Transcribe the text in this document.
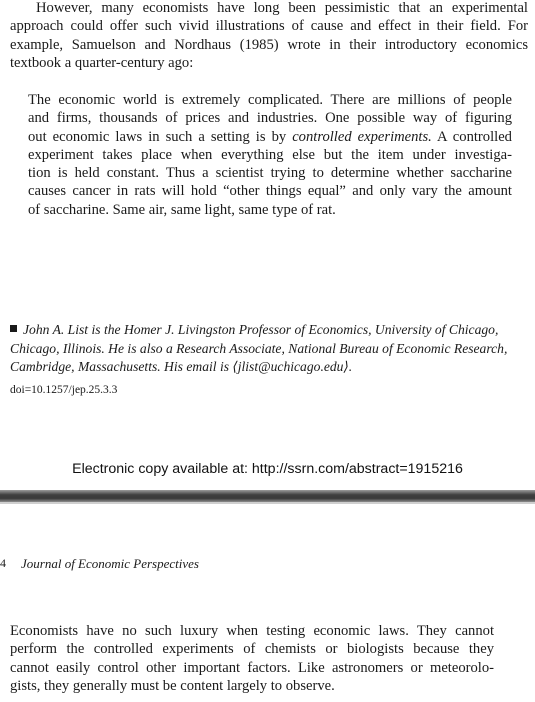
However, many economists have long been pessimistic that an experimental
approach could offer such vivid illustrations of cause and effect in their field. For
example, Samuelson and Nordhaus (1985) wrote in their introductory economics
textbook a quarter-century ago:
The economic world is extremely complicated. There are millions of people
and firms, thousands of prices and industries. One possible way of figuring
out economic laws in such a setting is by controlled experiments. A controlled
experiment takes place when everything else but the item under investiga-
tion is held constant. Thus a scientist trying to determine whether saccharine
causes cancer in rats will hold “other things equal” and only vary the amount
of saccharine. Same air, same light, same type of rat.
John A. List is the Homer J. Livingston Professor of Economics, University of Chicago, Chicago, Illinois. He is also a Research Associate, National Bureau of Economic Research, Cambridge, Massachusetts. His email is ⟨jlist@uchicago.edu⟩.
doi=10.1257/jep.25.3.3
Electronic copy available at: http://ssrn.com/abstract=1915216
4 Journal of Economic Perspectives
Economists have no such luxury when testing economic laws. They cannot
perform the controlled experiments of chemists or biologists because they
cannot easily control other important factors. Like astronomers or meteorolo-
gists, they generally must be content largely to observe.
